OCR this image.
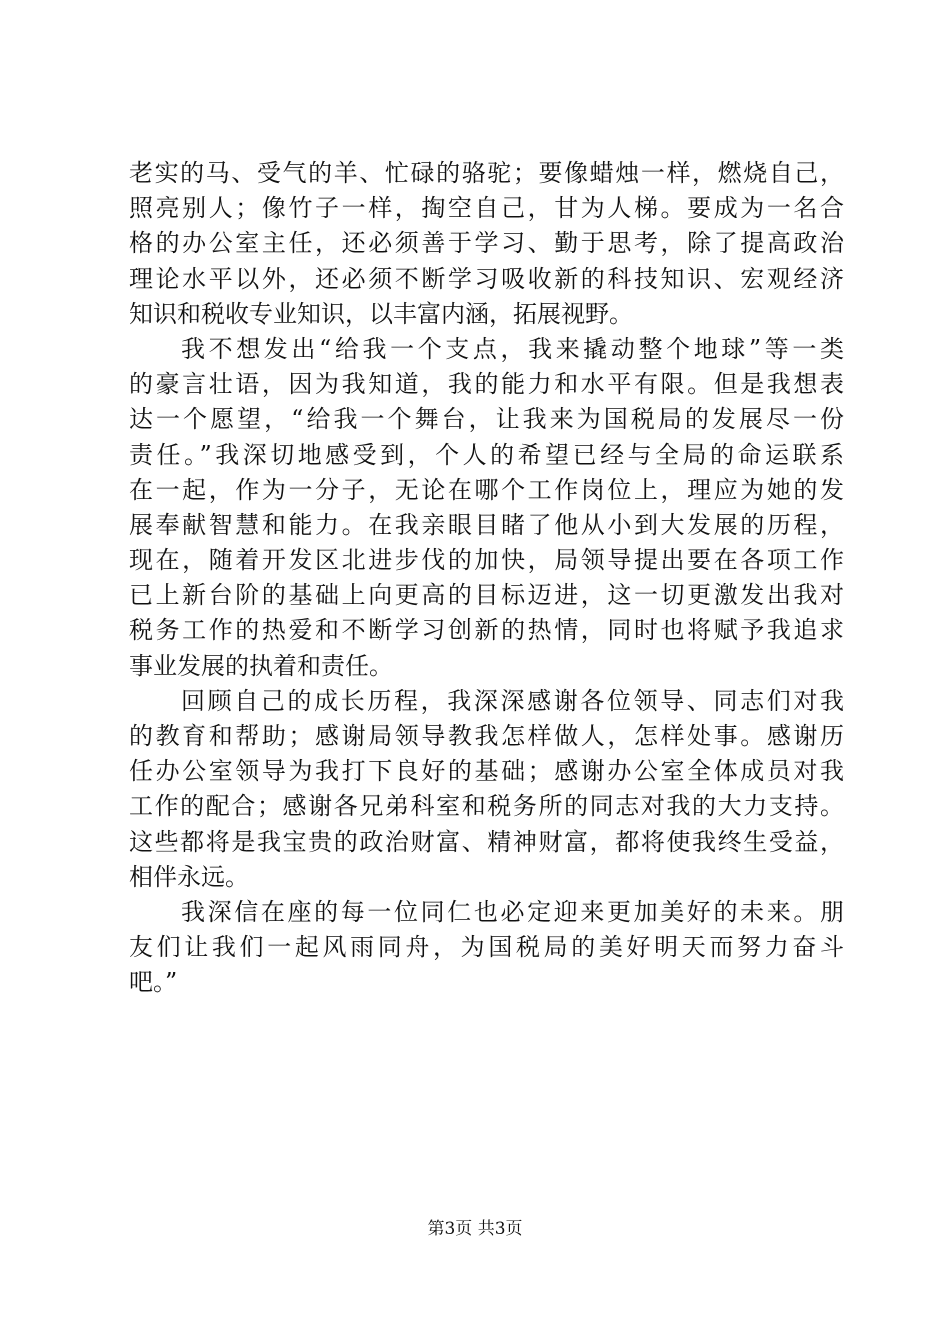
老实的马、受气的羊、忙碌的骆驼；要像蜡烛一样，燃烧自己，
照亮别人；像竹子一样，掏空自己，甘为人梯。要成为一名合
格的办公室主任，还必须善于学习、勤于思考，除了提高政治
理论水平以外，还必须不断学习吸收新的科技知识、宏观经济
知识和税收专业知识，以丰富内涵，拓展视野。
我不想发出“给我一个支点，我来撬动整个地球”等一类
的豪言壮语，因为我知道，我的能力和水平有限。但是我想表
达一个愿望，“给我一个舞台，让我来为国税局的发展尽一份
责任。”我深切地感受到，个人的希望已经与全局的命运联系
在一起，作为一分子，无论在哪个工作岗位上，理应为她的发
展奉献智慧和能力。在我亲眼目睹了他从小到大发展的历程，
现在，随着开发区北进步伐的加快，局领导提出要在各项工作
已上新台阶的基础上向更高的目标迈进，这一切更激发出我对
税务工作的热爱和不断学习创新的热情，同时也将赋予我追求
事业发展的执着和责任。
回顾自己的成长历程，我深深感谢各位领导、同志们对我
的教育和帮助；感谢局领导教我怎样做人，怎样处事。感谢历
任办公室领导为我打下良好的基础；感谢办公室全体成员对我
工作的配合；感谢各兄弟科室和税务所的同志对我的大力支持。
这些都将是我宝贵的政治财富、精神财富，都将使我终生受益，
相伴永远。
我深信在座的每一位同仁也必定迎来更加美好的未来。朋
友们让我们一起风雨同舟，为国税局的美好明天而努力奋斗
吧。”
第3页 共3页
